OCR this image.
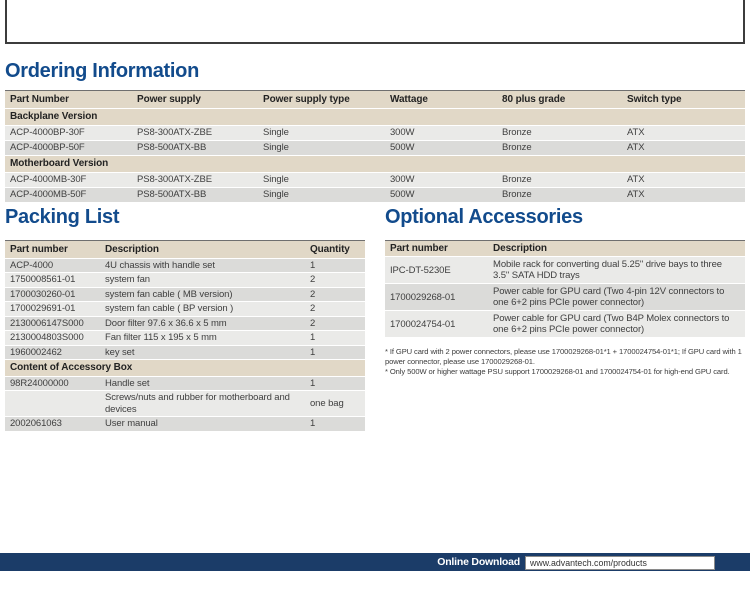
Ordering Information
Part Number	Power supply	Power supply type	Wattage	80 plus grade	Switch type
Backplane Version					
ACP-4000BP-30F	PS8-300ATX-ZBE	Single	300W	Bronze	ATX
ACP-4000BP-50F	PS8-500ATX-BB	Single	500W	Bronze	ATX
Motherboard Version					
ACP-4000MB-30F	PS8-300ATX-ZBE	Single	300W	Bronze	ATX
ACP-4000MB-50F	PS8-500ATX-BB	Single	500W	Bronze	ATX
Packing List
Part number	Description	Quantity
ACP-4000	4U chassis with handle set	1
1750008561-01	system fan	2
1700030260-01	system fan cable ( MB version)	2
1700029691-01	system fan cable ( BP version )	2
2130006147S000	Door filter 97.6 x 36.6 x 5 mm	2
2130004803S000	Fan filter 115 x 195 x 5 mm	1
1960002462	key set	1
Content of Accessory Box		
98R24000000	Handle set	1
	Screws/nuts and rubber for motherboard and devices	one bag
2002061063	User manual	1
Optional Accessories
Part number	Description
IPC-DT-5230E	Mobile rack for converting dual 5.25" drive bays to three 3.5" SATA HDD trays
1700029268-01	Power cable for GPU card (Two 4-pin 12V connectors to one 6+2 pins PCIe power connector)
1700024754-01	Power cable for GPU card (Two B4P Molex connectors to one 6+2 pins PCIe power connector)

* If GPU card with 2 power connectors, please use 1700029268-01*1 + 1700024754-01*1; If GPU card with 1 power connector, please use 1700029268-01.

* Only 500W or higher wattage PSU support 1700029268-01 and 1700024754-01 for high-end GPU card.

Online Download	www.advantech.com/products
